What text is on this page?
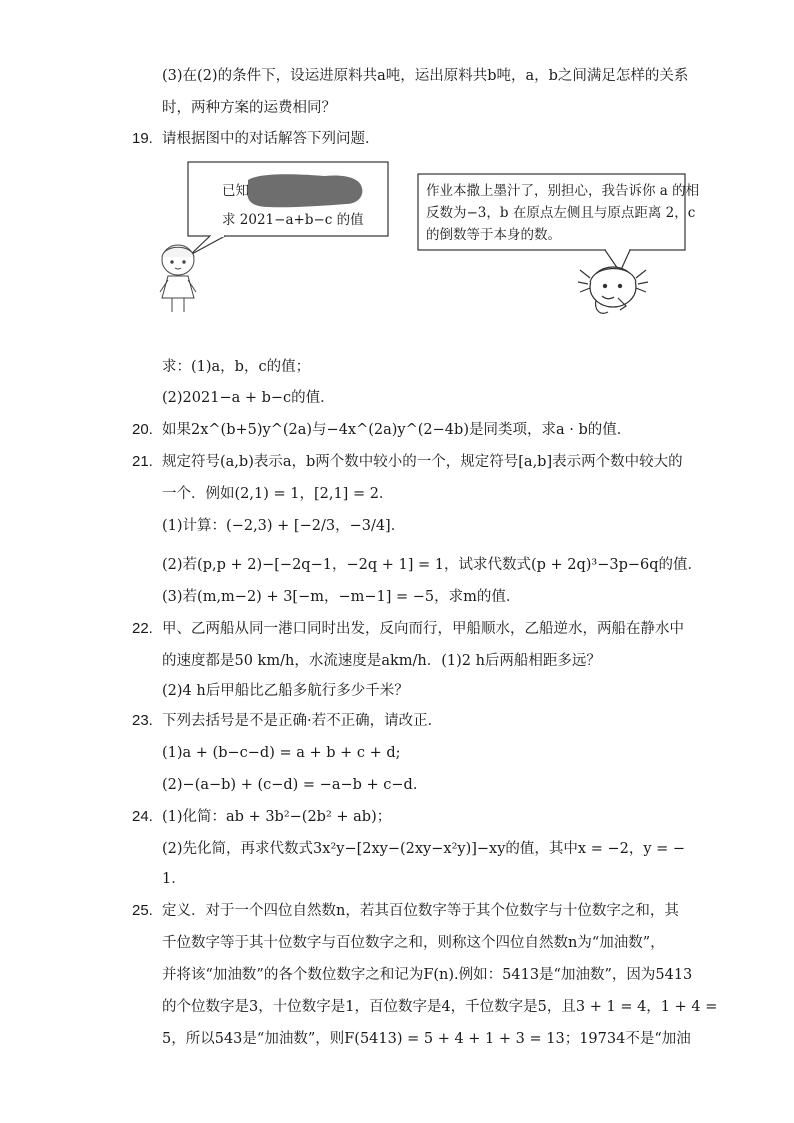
(3)在(2)的条件下，设运进原料共a吨，运出原料共b吨，a，b之间满足怎样的关系
时，两种方案的运费相同？
19. 请根据图中的对话解答下列问题．
已知
求 2021−a+b−c 的值
作业本撒上墨汁了，别担心，我告诉你 a 的相
反数为−3，b 在原点左侧且与原点距离 2，c
的倒数等于本身的数。
求：(1)a，b，c的值；
(2)2021−a + b−c的值．
20. 如果2x^(b+5)y^(2a)与−4x^(2a)y^(2−4b)是同类项，求a · b的值．
21. 规定符号(a,b)表示a，b两个数中较小的一个，规定符号[a,b]表示两个数中较大的
一个．例如(2,1) = 1，[2,1] = 2．
(1)计算：(−2,3) + [−2/3，−3/4]．
(2)若(p,p + 2)−[−2q−1，−2q + 1] = 1，试求代数式(p + 2q)³−3p−6q的值．
(3)若(m,m−2) + 3[−m，−m−1] = −5，求m的值．
22. 甲、乙两船从同一港口同时出发，反向而行，甲船顺水，乙船逆水，两船在静水中
的速度都是50 km/h，水流速度是akm/h．(1)2 h后两船相距多远？
(2)4 h后甲船比乙船多航行多少千米？
23. 下列去括号是不是正确·若不正确，请改正．
(1)a + (b−c−d) = a + b + c + d;
(2)−(a−b) + (c−d) = −a−b + c−d．
24. (1)化简：ab + 3b²−(2b² + ab)；
(2)先化简，再求代数式3x²y−[2xy−(2xy−x²y)]−xy的值，其中x = −2，y = −
1．
25. 定义．对于一个四位自然数n，若其百位数字等于其个位数字与十位数字之和，其
千位数字等于其十位数字与百位数字之和，则称这个四位自然数n为“加油数”，
并将该“加油数”的各个数位数字之和记为F(n).例如：5413是“加油数”，因为5413
的个位数字是3，十位数字是1，百位数字是4，千位数字是5，且3 + 1 = 4，1 + 4 =
5，所以543是“加油数”，则F(5413) = 5 + 4 + 1 + 3 = 13；19734不是“加油
